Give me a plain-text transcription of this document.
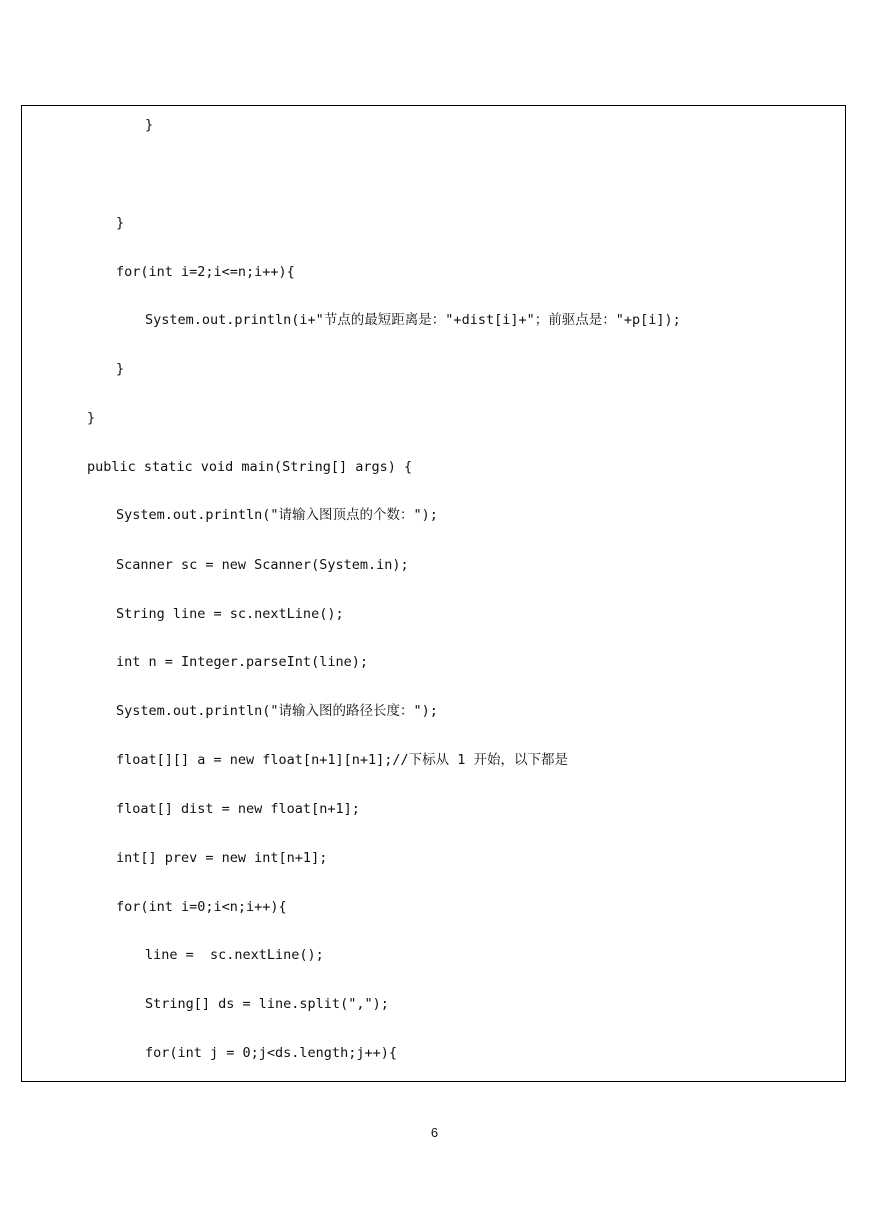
}
}
for(int i=2;i<=n;i++){
System.out.println(i+"节点的最短距离是："+dist[i]+"；前驱点是："+p[i]);
}
}
public static void main(String[] args) {
System.out.println("请输入图顶点的个数：");
Scanner sc = new Scanner(System.in);
String line = sc.nextLine();
int n = Integer.parseInt(line);
System.out.println("请输入图的路径长度：");
float[][] a = new float[n+1][n+1];//下标从 1 开始，以下都是
float[] dist = new float[n+1];
int[] prev = new int[n+1];
for(int i=0;i<n;i++){
line =  sc.nextLine();
String[] ds = line.split(",");
for(int j = 0;j<ds.length;j++){
6
